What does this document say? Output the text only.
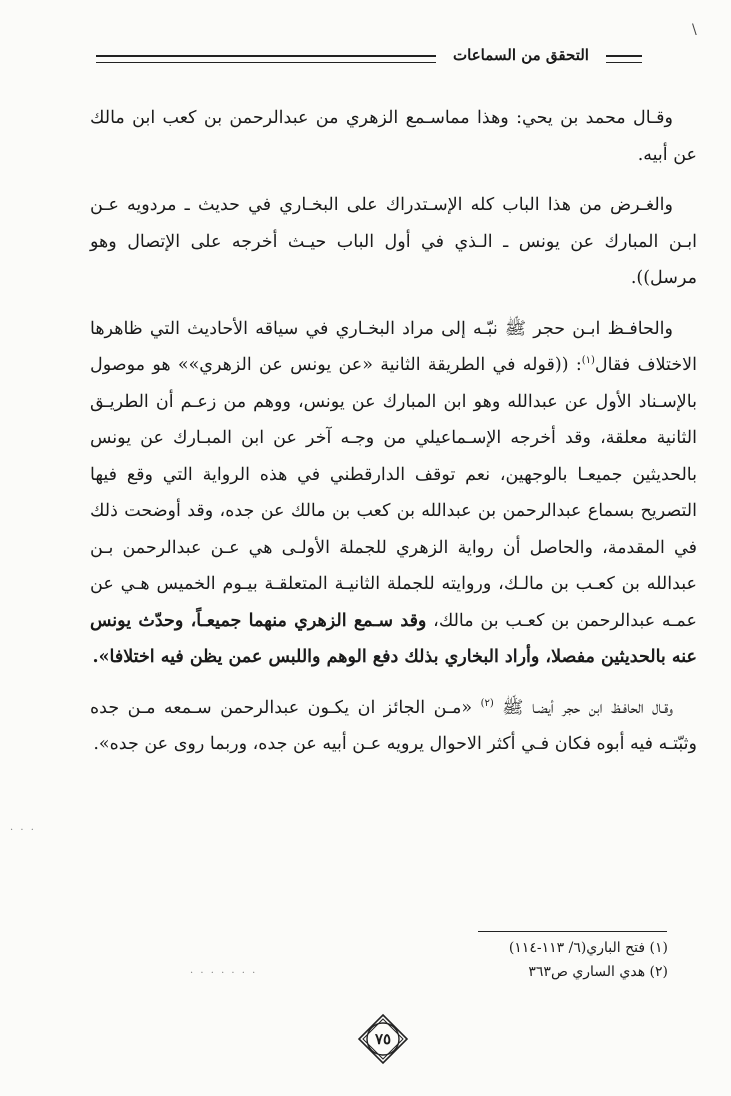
\
التحقق من السماعات

وقـال محمد بن يحي: وهذا مماسـمع الزهري من عبدالرحمن بن كعب ابن مالك عن أبيه.

والغـرض من هذا الباب كله الإسـتدراك على البخـاري في حديث ـ مردويه عـن ابـن المبارك عن يونس ـ الـذي في أول الباب حيـث أخرجه على الإتصال وهو مرسل)).

والحافـظ ابـن حجر ﷺ نبّـه إلى مراد البخـاري في سياقه الأحاديث التي ظاهرها الاختلاف فقال$^{(١)}$: ((قوله في الطريقة الثانية «عن يونس عن الزهري»» هو موصول بالإسـناد الأول عن عبدالله وهو ابن المبارك عن يونس، ووهم من زعـم أن الطريـق الثانية معلقة، وقد أخرجه الإسـماعيلي من وجـه آخر عن ابن المبـارك عن يونس بالحديثين جميعـا بالوجهين، نعم توقف الدارقطني في هذه الرواية التي وقع فيها التصريح بسماع عبدالرحمن بن عبدالله بن كعب بن مالك عن جده، وقد أوضحت ذلك في المقدمة، والحاصل أن رواية الزهري للجملة الأولـى هي عـن عبدالرحمن بـن عبدالله بن كعـب بن مالـك، وروايته للجملة الثانيـة المتعلقـة بيـوم الخميس هـي عن عمـه عبدالرحمن بن كعـب بن مالك، وقد سـمع الزهري منهما جميعـاً، وحدّث يونس عنه بالحديثين مفصلا، وأراد البخاري بذلك دفع الوهم واللبس عمن يظن فيه اختلافا».

وقـال الحافـظ ابن حجر أيضـا ﷺ $^{(٢)}$ «مـن الجائز ان يكـون عبدالرحمن سـمعه مـن جده وثبّتـه فيه أبوه فكان فـي أكثر الاحوال يرويه عـن أبيه عن جده، وربما روى عن جده».

(١) فتح الباري(٦/ ١١٣-١١٤)
(٢) هدي الساري ص٣٦٣
· · ·
· · · · · · ·
٧٥
